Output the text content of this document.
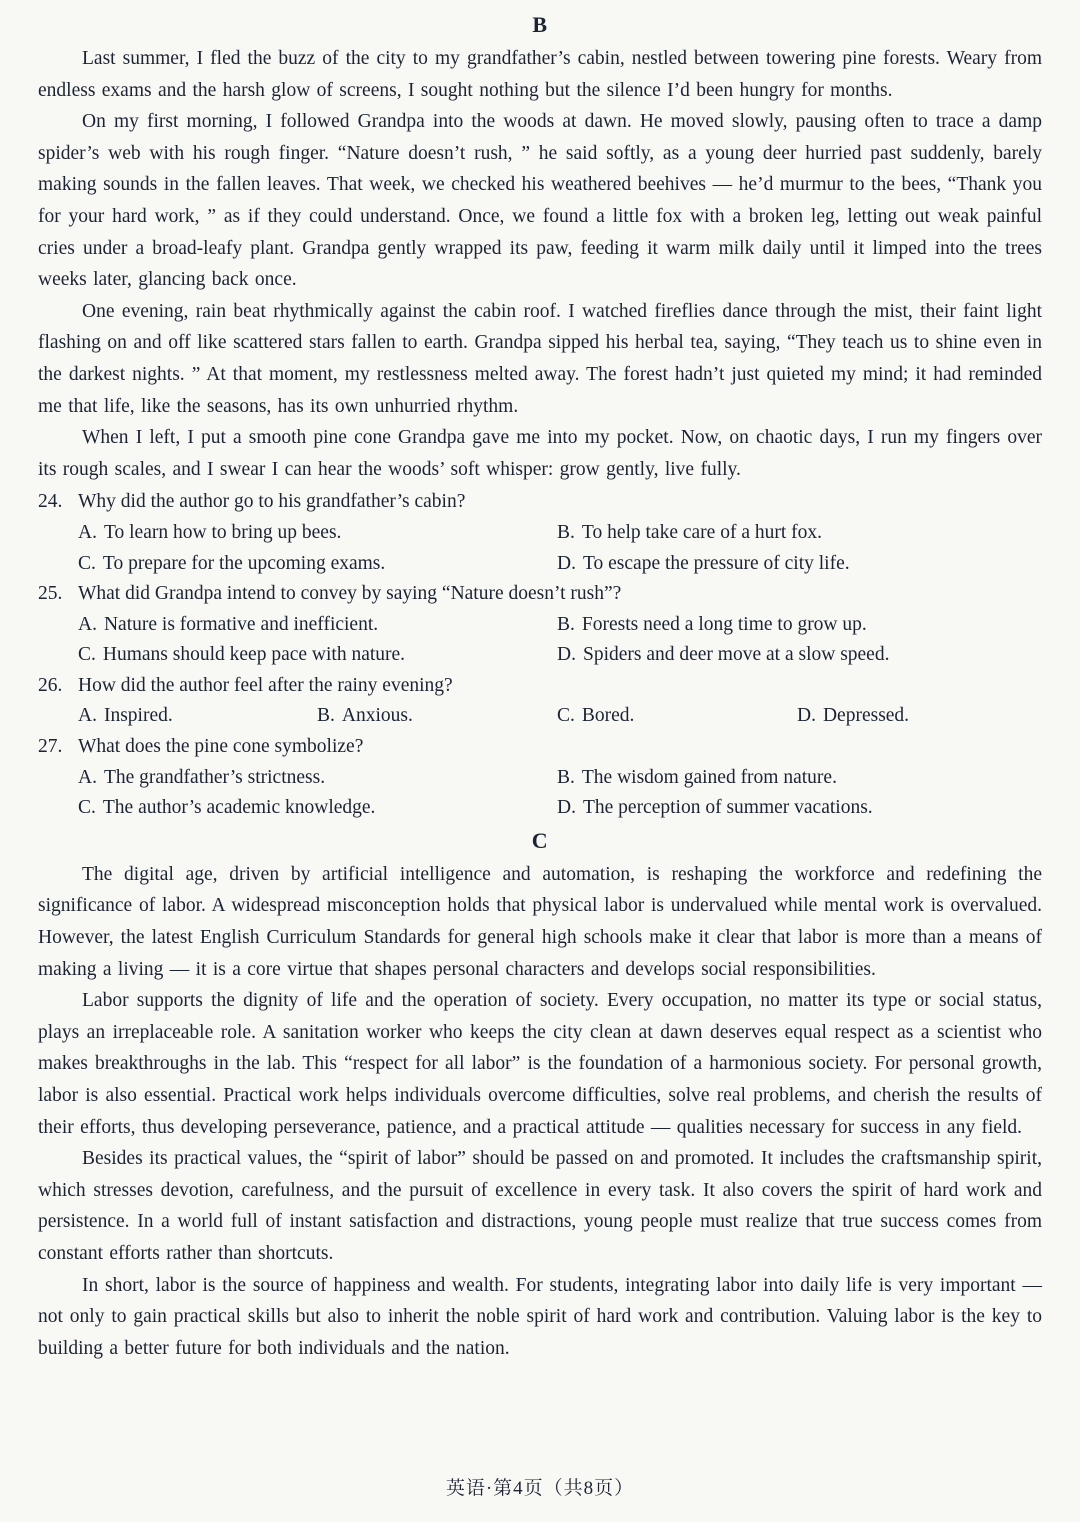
B

Last summer, I fled the buzz of the city to my grandfather’s cabin, nestled between towering pine forests. Weary from endless exams and the harsh glow of screens, I sought nothing but the silence I’d been hungry for months.

On my first morning, I followed Grandpa into the woods at dawn. He moved slowly, pausing often to trace a damp spider’s web with his rough finger. “Nature doesn’t rush, ” he said softly, as a young deer hurried past suddenly, barely making sounds in the fallen leaves. That week, we checked his weathered beehives — he’d murmur to the bees, “Thank you for your hard work, ” as if they could understand. Once, we found a little fox with a broken leg, letting out weak painful cries under a broad-leafy plant. Grandpa gently wrapped its paw, feeding it warm milk daily until it limped into the trees weeks later, glancing back once.

One evening, rain beat rhythmically against the cabin roof. I watched fireflies dance through the mist, their faint light flashing on and off like scattered stars fallen to earth. Grandpa sipped his herbal tea, saying, “They teach us to shine even in the darkest nights. ” At that moment, my restlessness melted away. The forest hadn’t just quieted my mind; it had reminded me that life, like the seasons, has its own unhurried rhythm.

When I left, I put a smooth pine cone Grandpa gave me into my pocket. Now, on chaotic days, I run my fingers over its rough scales, and I swear I can hear the woods’ soft whisper: grow gently, live fully.

24. Why did the author go to his grandfather’s cabin?
A. To learn how to bring up bees.	B. To help take care of a hurt fox.
C. To prepare for the upcoming exams.	D. To escape the pressure of city life.
25. What did Grandpa intend to convey by saying “Nature doesn’t rush”?
A. Nature is formative and inefficient.	B. Forests need a long time to grow up.
C. Humans should keep pace with nature.	D. Spiders and deer move at a slow speed.
26. How did the author feel after the rainy evening?
A. Inspired.	B. Anxious.	C. Bored.	D. Depressed.
27. What does the pine cone symbolize?
A. The grandfather’s strictness.	B. The wisdom gained from nature.
C. The author’s academic knowledge.	D. The perception of summer vacations.
C

The digital age, driven by artificial intelligence and automation, is reshaping the workforce and redefining the significance of labor. A widespread misconception holds that physical labor is undervalued while mental work is overvalued. However, the latest English Curriculum Standards for general high schools make it clear that labor is more than a means of making a living — it is a core virtue that shapes personal characters and develops social responsibilities.

Labor supports the dignity of life and the operation of society. Every occupation, no matter its type or social status, plays an irreplaceable role. A sanitation worker who keeps the city clean at dawn deserves equal respect as a scientist who makes breakthroughs in the lab. This “respect for all labor” is the foundation of a harmonious society. For personal growth, labor is also essential. Practical work helps individuals overcome difficulties, solve real problems, and cherish the results of their efforts, thus developing perseverance, patience, and a practical attitude — qualities necessary for success in any field.

Besides its practical values, the “spirit of labor” should be passed on and promoted. It includes the craftsmanship spirit, which stresses devotion, carefulness, and the pursuit of excellence in every task. It also covers the spirit of hard work and persistence. In a world full of instant satisfaction and distractions, young people must realize that true success comes from constant efforts rather than shortcuts.

In short, labor is the source of happiness and wealth. For students, integrating labor into daily life is very important — not only to gain practical skills but also to inherit the noble spirit of hard work and contribution. Valuing labor is the key to building a better future for both individuals and the nation.

英语·第4页（共8页）
